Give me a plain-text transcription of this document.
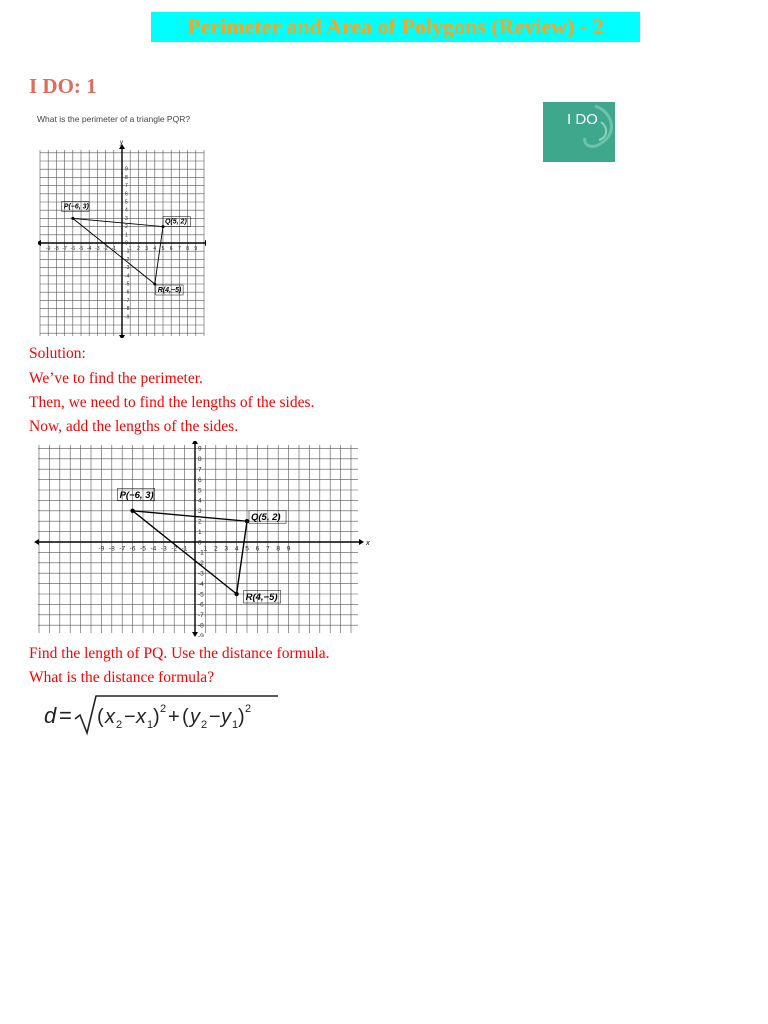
Perimeter and Area of Polygons (Review) - 2
I DO: 1
I DO
What is the perimeter of a triangle PQR?
y
-9 -8 -7 -6 -5 -4 -3 -2 -1	1 2 3 4 5 6 7 8 9
9
8
7
6
5
4
3
2
1
0
-1
-2
-3
-4
-5
-6
-7
-8
-9
P(−6, 3)
Q(5, 2)
R(4,−5)
Solution:
We’ve to find the perimeter.
Then, we need to find the lengths of the sides.
Now, add the lengths of the sides.
x
-9 -8 -7 -6 -5 -4 -3 -2 -1 1 2 3 4 5 6 7 8 9
9
8
7
6
5
4
3
2
1
0
-1
-2
-3
-4
-5
-6
-7
-8
-9
P(−6, 3)
Q(5, 2)
R(4,−5)
Find the length of PQ. Use the distance formula.
What is the distance formula?
d = ( x 2 − x 1 ) 2 + ( y 2 − y 1 ) 2
